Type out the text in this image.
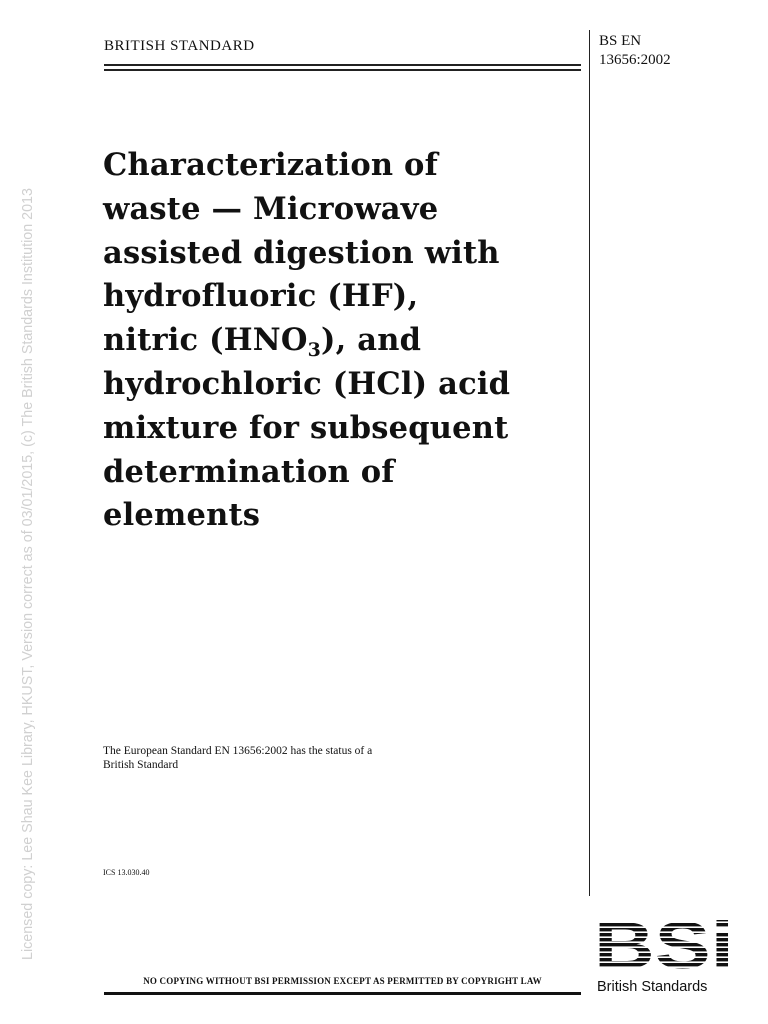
Licensed copy: Lee Shau Kee Library, HKUST, Version correct as of 03/01/2015, (c) The British Standards Institution 2013
BRITISH STANDARD	BS EN
13656:2002
Characterization of
waste — Microwave
assisted digestion with
hydrofluoric (HF),
nitric $(HNO_3)$, and
hydrochloric (HCl) acid
mixture for subsequent
determination of
elements
The European Standard EN 13656:2002 has the status of a
British Standard
ICS 13.030.40
British Standards
NO COPYING WITHOUT BSI PERMISSION EXCEPT AS PERMITTED BY COPYRIGHT LAW
